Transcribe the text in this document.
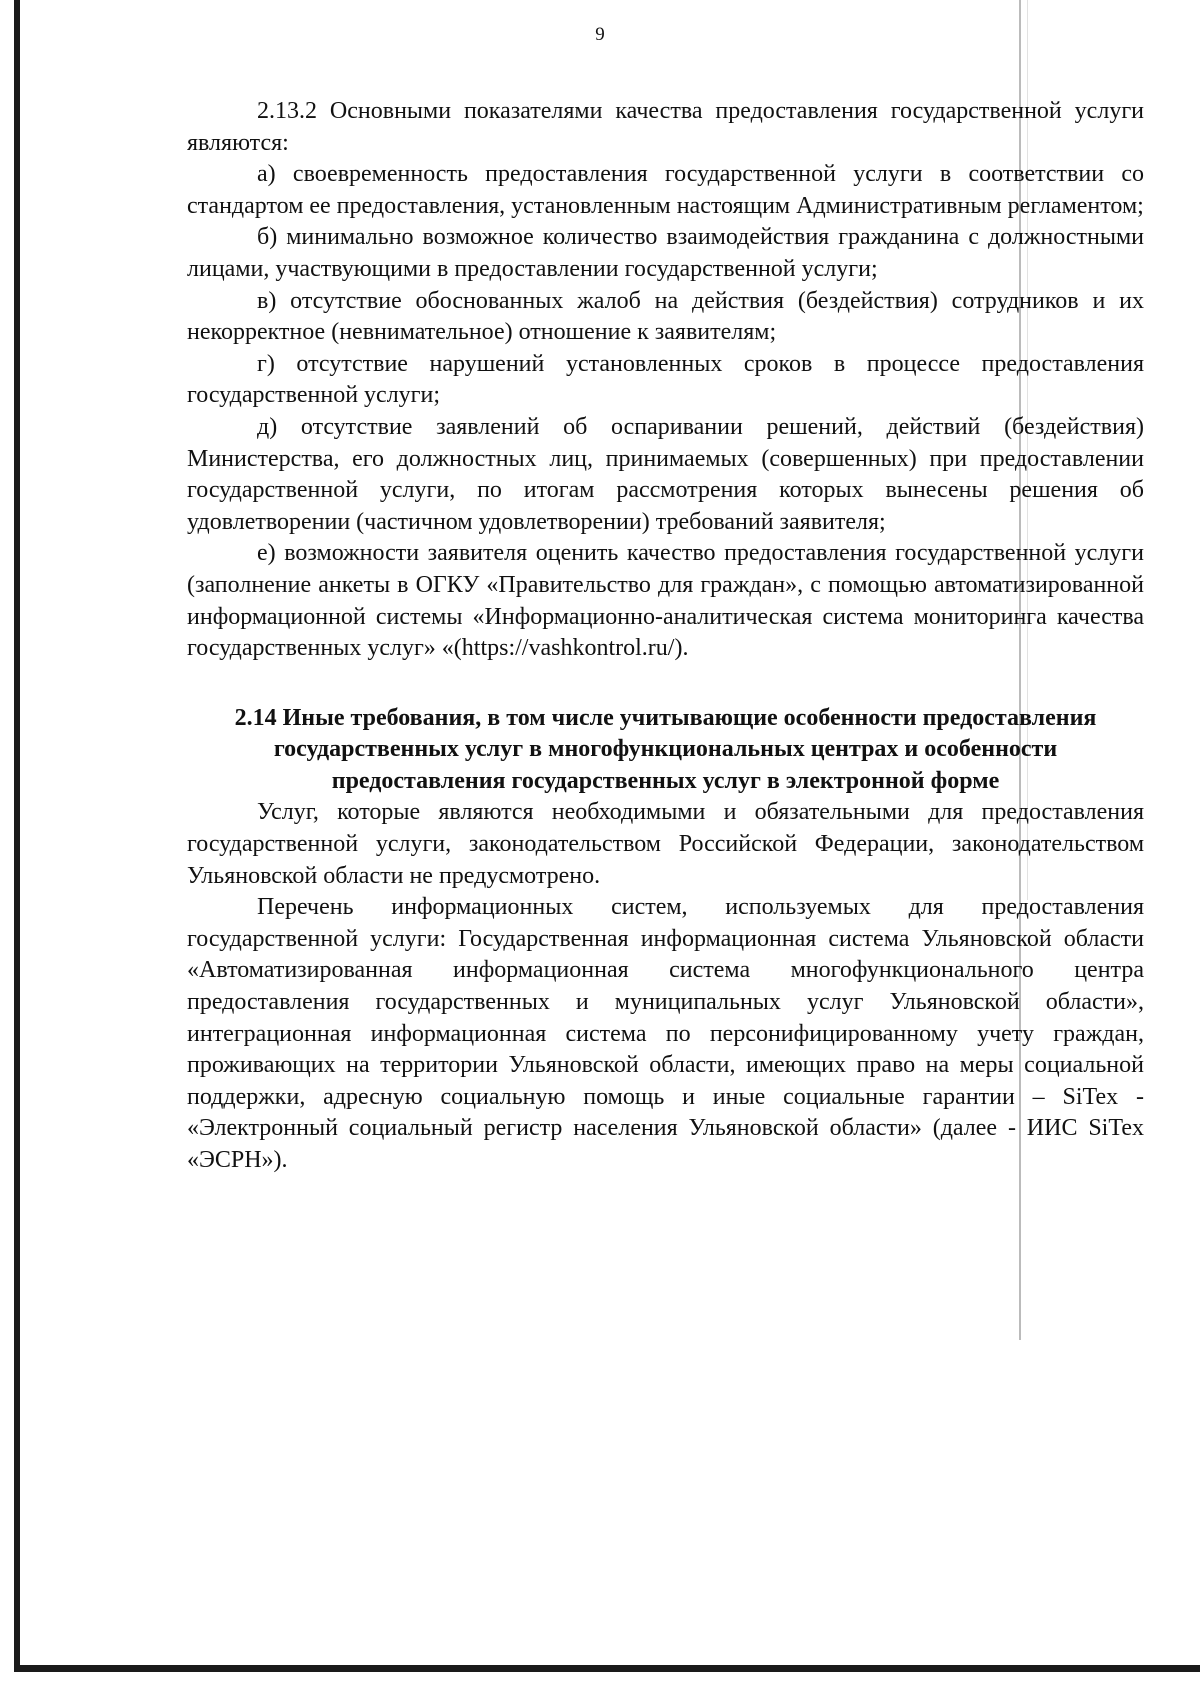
9

2.13.2 Основными показателями качества предоставления государственной услуги являются:

а) своевременность предоставления государственной услуги в соответствии со стандартом ее предоставления, установленным настоящим Административным регламентом;

б) минимально возможное количество взаимодействия гражданина с должностными лицами, участвующими в предоставлении государственной услуги;

в) отсутствие обоснованных жалоб на действия (бездействия) сотрудников и их некорректное (невнимательное) отношение к заявителям;

г) отсутствие нарушений установленных сроков в процессе предоставления государственной услуги;

д) отсутствие заявлений об оспаривании решений, действий (бездействия) Министерства, его должностных лиц, принимаемых (совершенных) при предоставлении государственной услуги, по итогам рассмотрения которых вынесены решения об удовлетворении (частичном удовлетворении) требований заявителя;

е) возможности заявителя оценить качество предоставления государственной услуги (заполнение анкеты в ОГКУ «Правительство для граждан», с помощью автоматизированной информационной системы «Информационно-аналитическая система мониторинга качества государственных услуг» «(https://vashkontrol.ru/).

2.14 Иные требования, в том числе учитывающие особенности предоставления государственных услуг в многофункциональных центрах и особенности предоставления государственных услуг в электронной форме

Услуг, которые являются необходимыми и обязательными для предоставления государственной услуги, законодательством Российской Федерации, законодательством Ульяновской области не предусмотрено.

Перечень информационных систем, используемых для предоставления государственной услуги: Государственная информационная система Ульяновской области «Автоматизированная информационная система многофункционального центра предоставления государственных и муниципальных услуг Ульяновской области», интеграционная информационная система по персонифицированному учету граждан, проживающих на территории Ульяновской области, имеющих право на меры социальной поддержки, адресную социальную помощь и иные социальные гарантии – SiTex - «Электронный социальный регистр населения Ульяновской области» (далее - ИИС SiTex «ЭСРН»).
